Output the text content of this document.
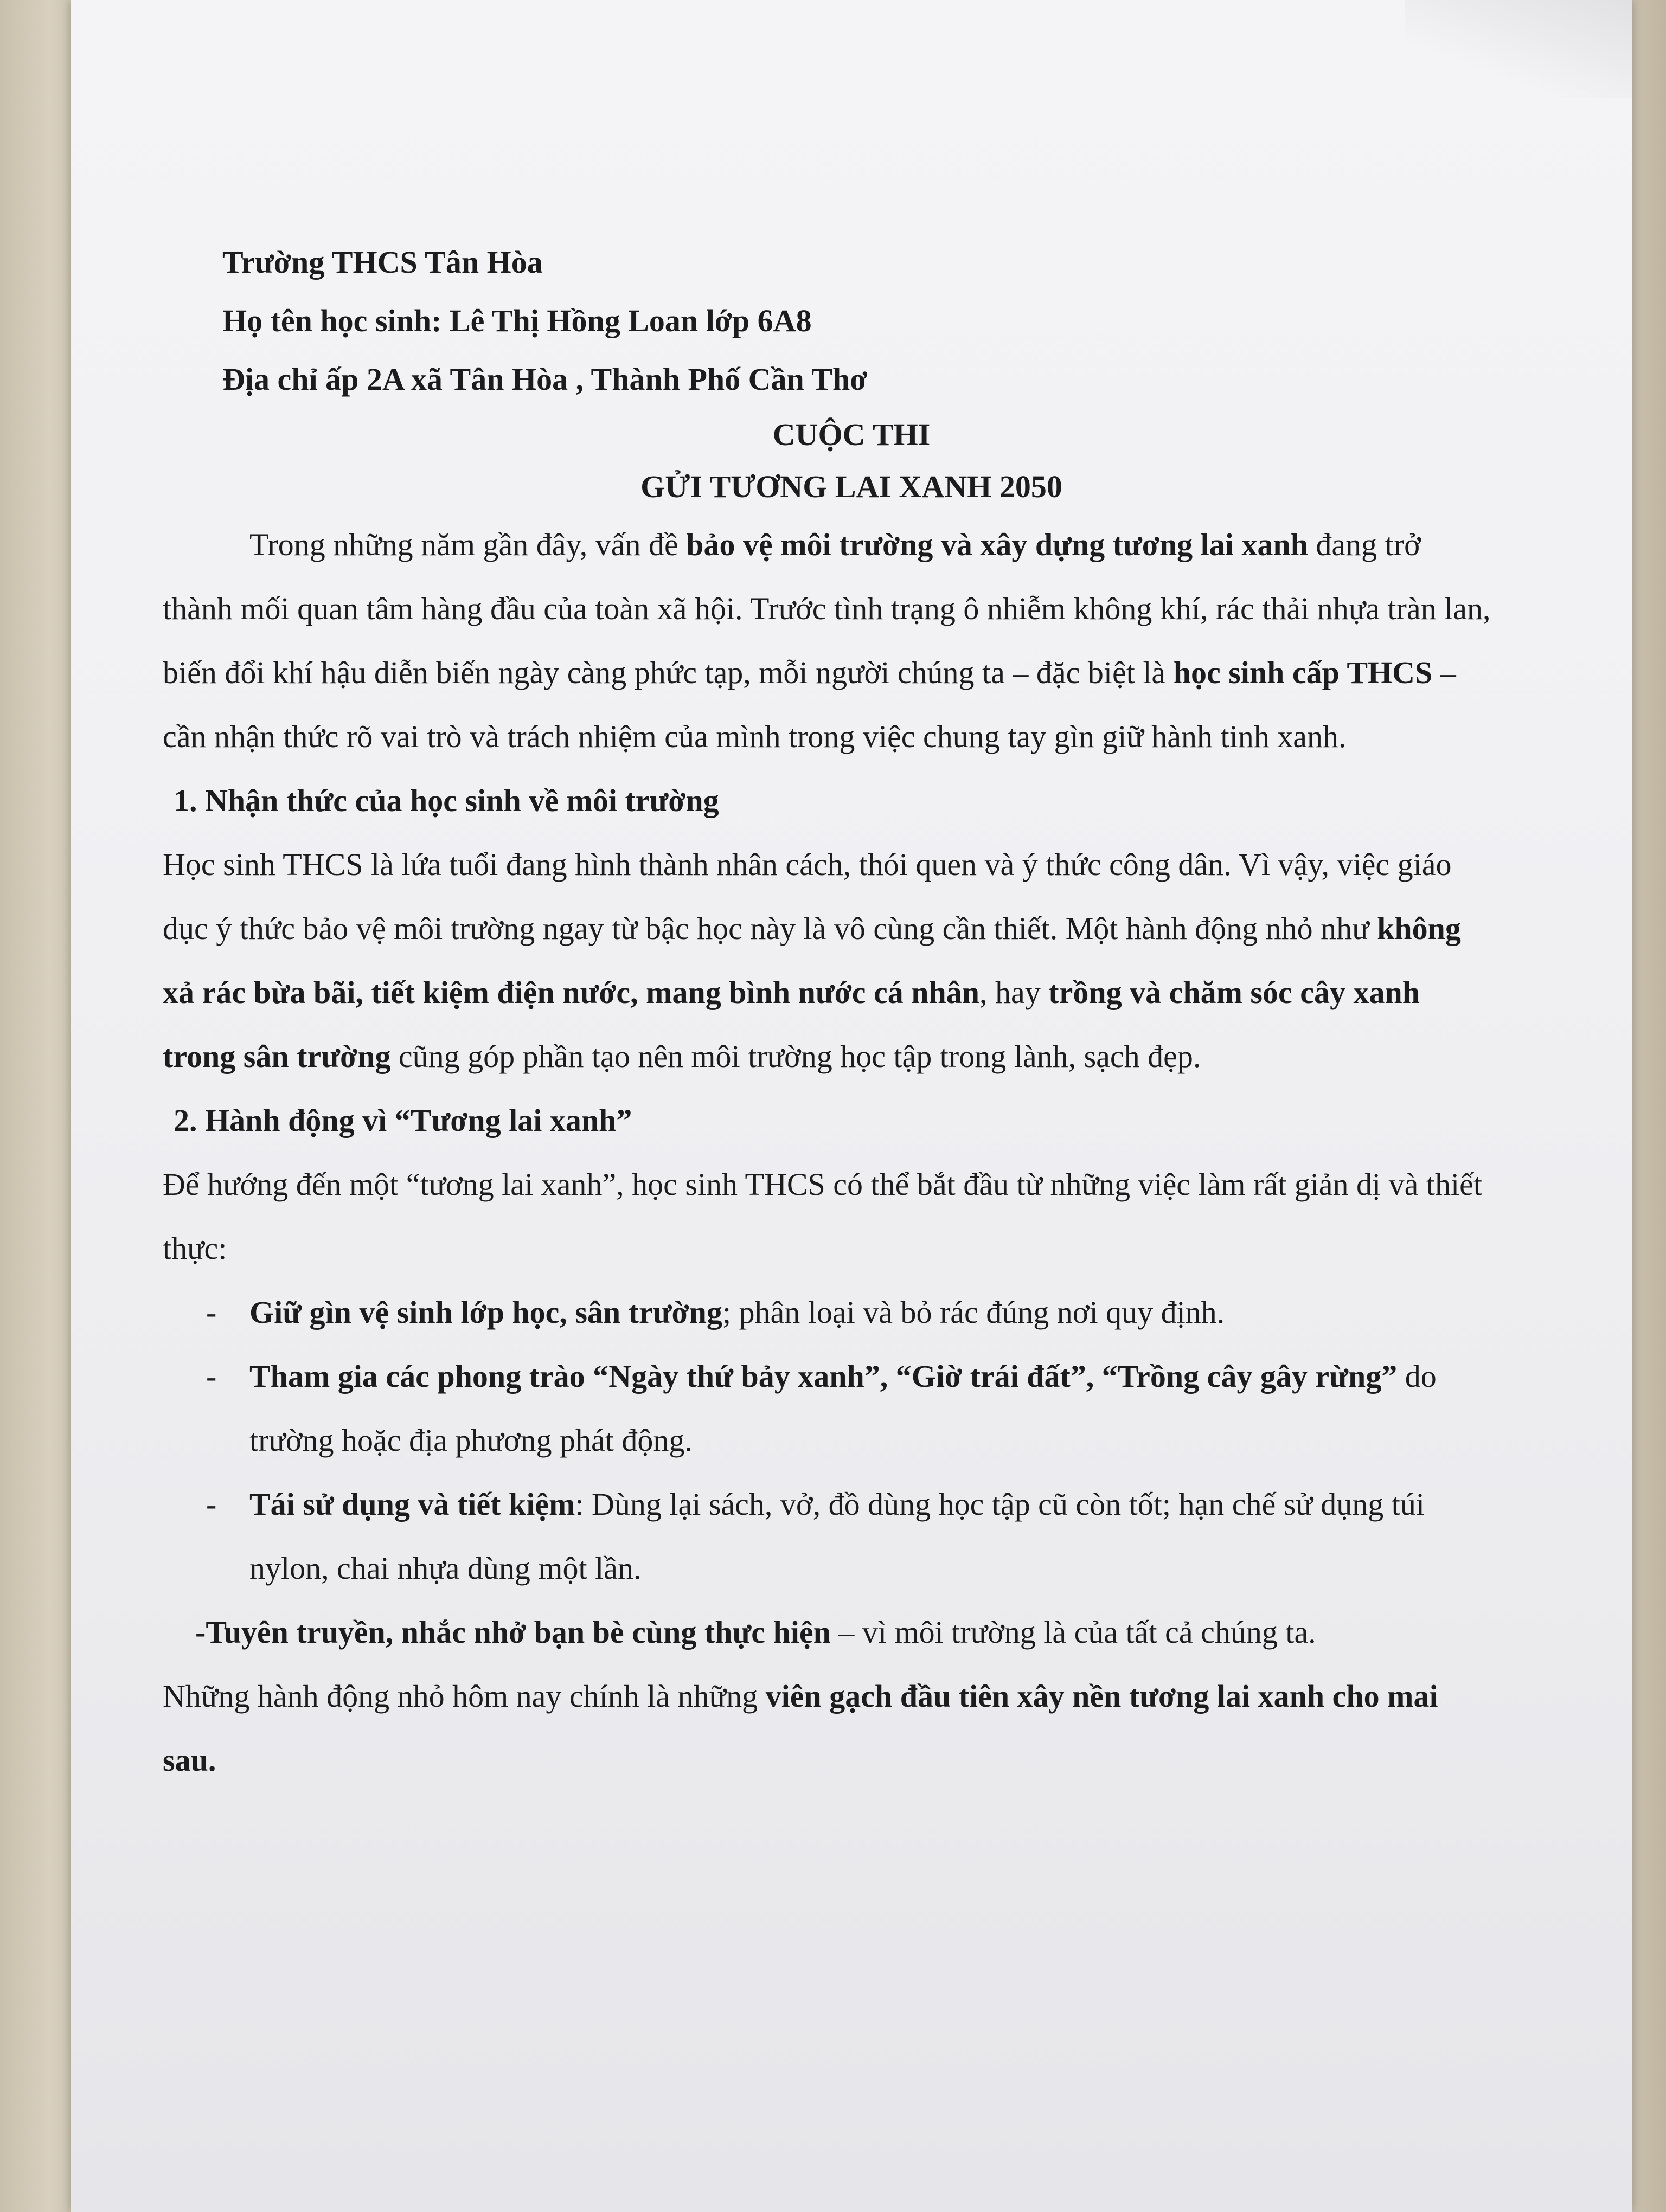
Trường THCS Tân Hòa
Họ tên học sinh: Lê Thị Hồng Loan lớp 6A8
Địa chỉ ấp 2A xã Tân Hòa , Thành Phố Cần Thơ
CUỘC THI
GỬI TƯƠNG LAI XANH 2050

Trong những năm gần đây, vấn đề bảo vệ môi trường và xây dựng tương lai xanh đang trở thành mối quan tâm hàng đầu của toàn xã hội. Trước tình trạng ô nhiễm không khí, rác thải nhựa tràn lan, biến đổi khí hậu diễn biến ngày càng phức tạp, mỗi người chúng ta – đặc biệt là học sinh cấp THCS – cần nhận thức rõ vai trò và trách nhiệm của mình trong việc chung tay gìn giữ hành tinh xanh.

1. Nhận thức của học sinh về môi trường

Học sinh THCS là lứa tuổi đang hình thành nhân cách, thói quen và ý thức công dân. Vì vậy, việc giáo dục ý thức bảo vệ môi trường ngay từ bậc học này là vô cùng cần thiết. Một hành động nhỏ như không xả rác bừa bãi, tiết kiệm điện nước, mang bình nước cá nhân, hay trồng và chăm sóc cây xanh trong sân trường cũng góp phần tạo nên môi trường học tập trong lành, sạch đẹp.

2. Hành động vì “Tương lai xanh”

Để hướng đến một “tương lai xanh”, học sinh THCS có thể bắt đầu từ những việc làm rất giản dị và thiết thực:

- Giữ gìn vệ sinh lớp học, sân trường; phân loại và bỏ rác đúng nơi quy định.
- Tham gia các phong trào “Ngày thứ bảy xanh”, “Giờ trái đất”, “Trồng cây gây rừng” do trường hoặc địa phương phát động.
- Tái sử dụng và tiết kiệm: Dùng lại sách, vở, đồ dùng học tập cũ còn tốt; hạn chế sử dụng túi nylon, chai nhựa dùng một lần.
-Tuyên truyền, nhắc nhở bạn bè cùng thực hiện – vì môi trường là của tất cả chúng ta.

Những hành động nhỏ hôm nay chính là những viên gạch đầu tiên xây nền tương lai xanh cho mai sau.
